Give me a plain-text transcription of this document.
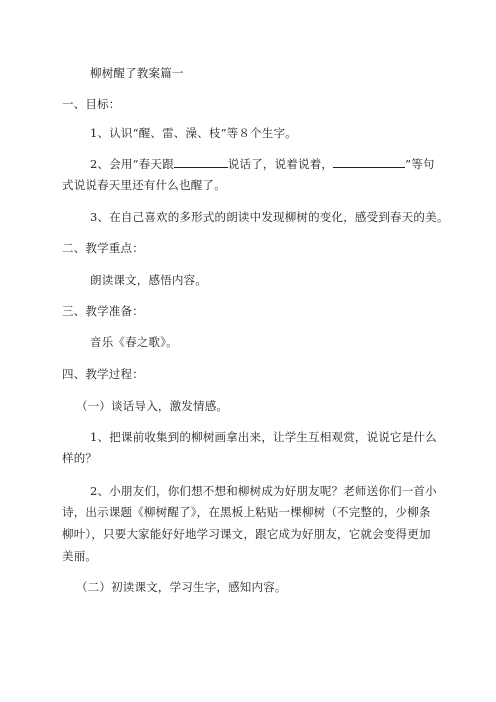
柳树醒了教案篇一
一、目标：
1、认识“醒、雷、澡、枝”等８个生字。
2、会用“春天跟	说话了，说着说着，	”等句
式说说春天里还有什么也醒了。
3、在自己喜欢的多形式的朗读中发现柳树的变化，感受到春天的美。
二、教学重点：
朗读课文，感悟内容。
三、教学准备：
音乐《春之歌》。
四、教学过程：
（一）谈话导入，激发情感。
1、把课前收集到的柳树画拿出来，让学生互相观赏，说说它是什么
样的？
2、小朋友们，你们想不想和柳树成为好朋友呢？老师送你们一首小
诗，出示课题《柳树醒了》，在黑板上粘贴一棵柳树（不完整的，少柳条
柳叶），只要大家能好好地学习课文，跟它成为好朋友，它就会变得更加
美丽。
（二）初读课文，学习生字，感知内容。
